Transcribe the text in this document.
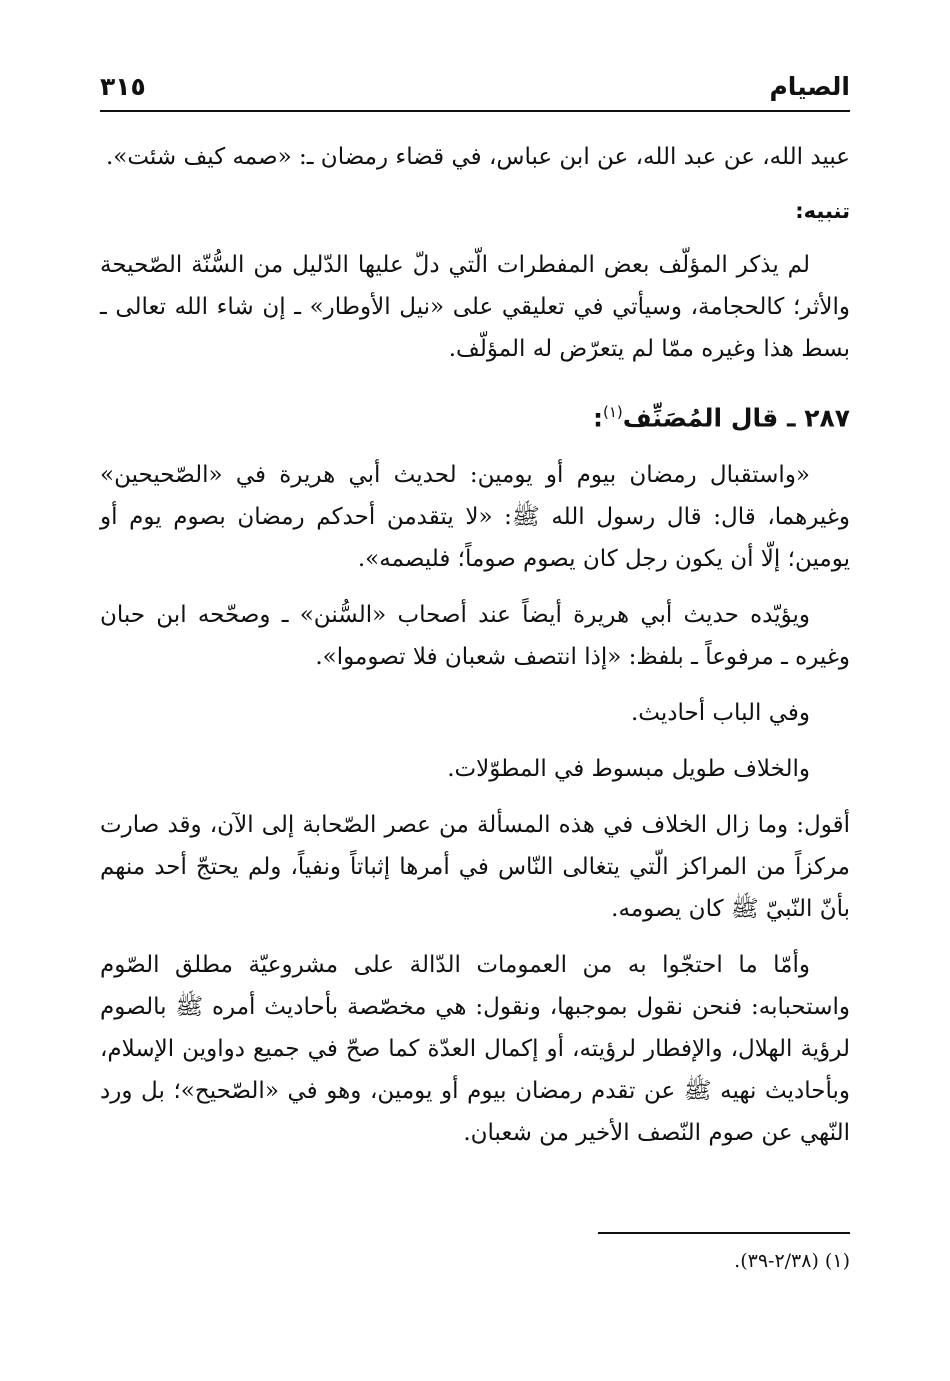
الصيام
٣١٥

عبيد الله، عن عبد الله، عن ابن عباس، في قضاء رمضان ـ: «صمه كيف شئت».

تنبيه:

لم يذكر المؤلّف بعض المفطرات الّتي دلّ عليها الدّليل من السُّنّة الصّحيحة والأثر؛ كالحجامة، وسيأتي في تعليقي على «نيل الأوطار» ـ إن شاء الله تعالى ـ بسط هذا وغيره ممّا لم يتعرّض له المؤلّف.

٢٨٧ ـ قال المُصَنِّف$^{(١)}$:

«واستقبال رمضان بيوم أو يومين: لحديث أبي هريرة في «الصّحيحين» وغيرهما، قال: قال رسول الله ﷺ: «لا يتقدمن أحدكم رمضان بصوم يوم أو يومين؛ إلّا أن يكون رجل كان يصوم صوماً؛ فليصمه».

ويؤيّده حديث أبي هريرة أيضاً عند أصحاب «السُّنن» ـ وصحّحه ابن حبان وغيره ـ مرفوعاً ـ بلفظ: «إذا انتصف شعبان فلا تصوموا».

وفي الباب أحاديث.

والخلاف طويل مبسوط في المطوّلات.

أقول: وما زال الخلاف في هذه المسألة من عصر الصّحابة إلى الآن، وقد صارت مركزاً من المراكز الّتي يتغالى النّاس في أمرها إثباتاً ونفياً، ولم يحتجّ أحد منهم بأنّ النّبيّ ﷺ كان يصومه.

وأمّا ما احتجّوا به من العمومات الدّالة على مشروعيّة مطلق الصّوم واستحبابه: فنحن نقول بموجبها، ونقول: هي مخصّصة بأحاديث أمره ﷺ بالصوم لرؤية الهلال، والإفطار لرؤيته، أو إكمال العدّة كما صحّ في جميع دواوين الإسلام، وبأحاديث نهيه ﷺ عن تقدم رمضان بيوم أو يومين، وهو في «الصّحيح»؛ بل ورد النّهي عن صوم النّصف الأخير من شعبان.

(١) (٢/٣٨-٣٩).
